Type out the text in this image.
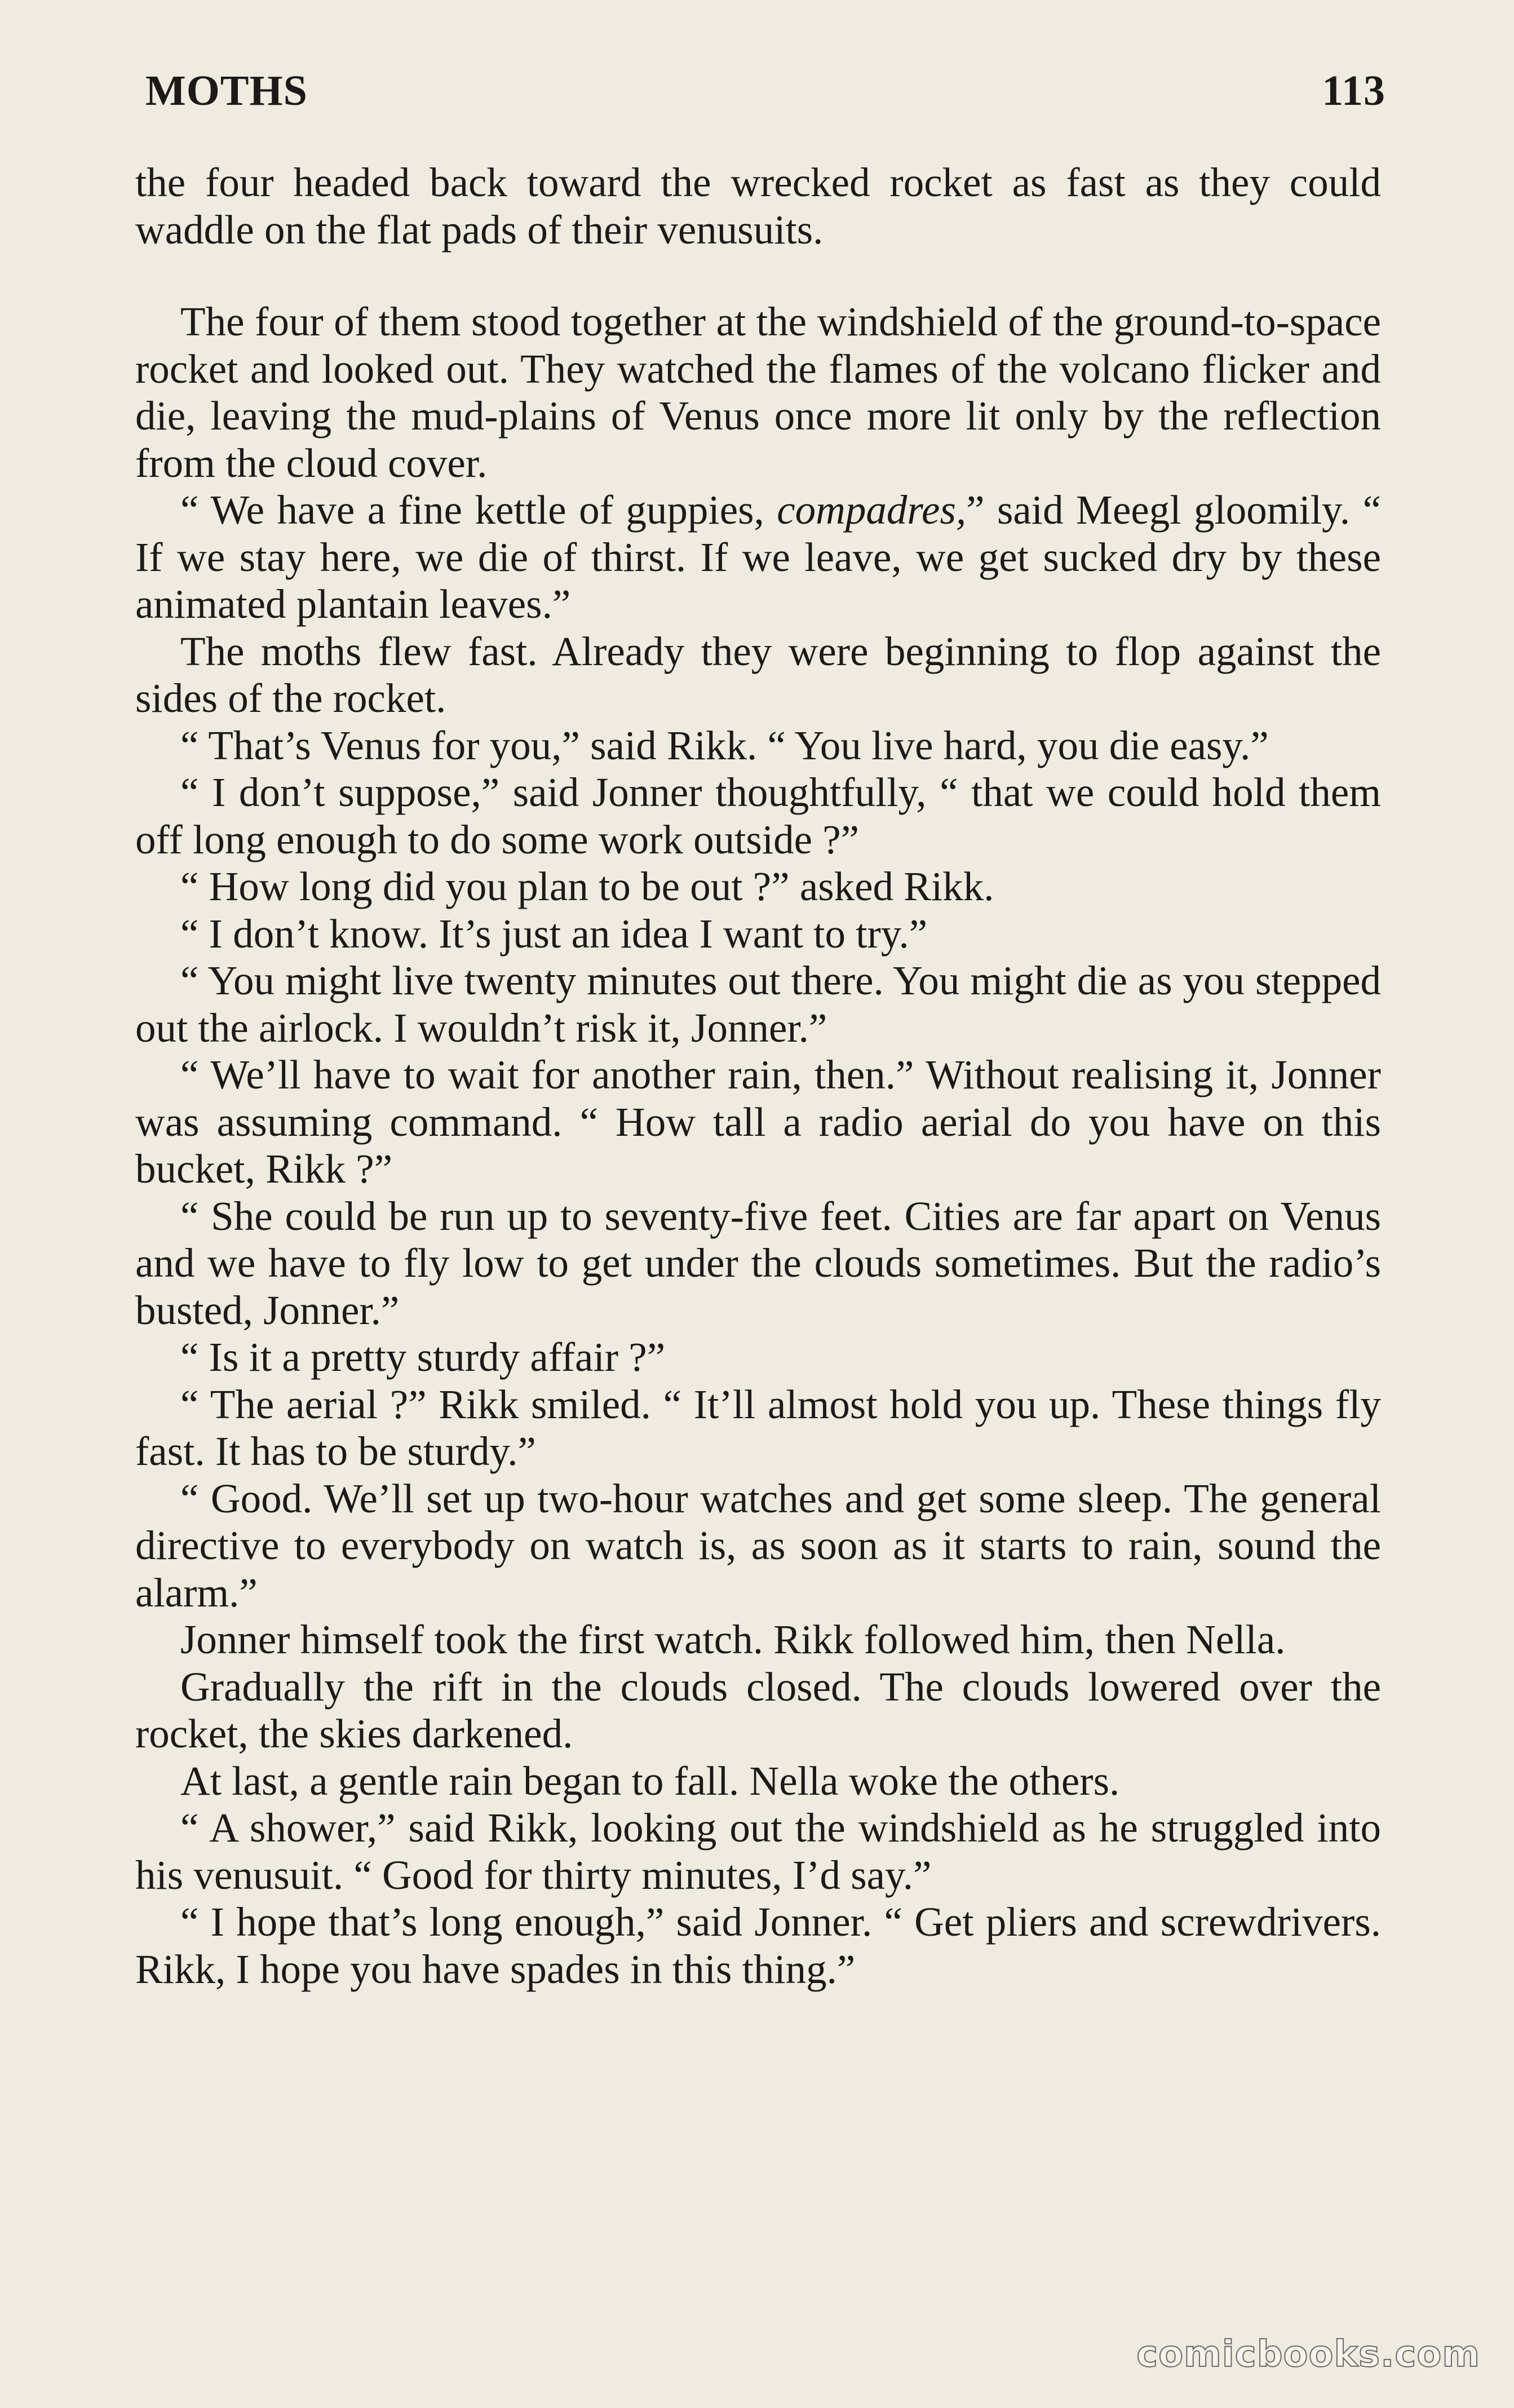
MOTHS	113

the four headed back toward the wrecked rocket as fast as they could waddle on the flat pads of their venusuits.

The four of them stood together at the windshield of the ground-to-space rocket and looked out. They watched the flames of the volcano flicker and die, leaving the mud-plains of Venus once more lit only by the reflection from the cloud cover.

“ We have a fine kettle of guppies, compadres,” said Meegl gloomily. “ If we stay here, we die of thirst. If we leave, we get sucked dry by these animated plantain leaves.”

The moths flew fast. Already they were beginning to flop against the sides of the rocket.

“ That’s Venus for you,” said Rikk. “ You live hard, you die easy.”

“ I don’t suppose,” said Jonner thoughtfully, “ that we could hold them off long enough to do some work outside ?”

“ How long did you plan to be out ?” asked Rikk.

“ I don’t know. It’s just an idea I want to try.”

“ You might live twenty minutes out there. You might die as you stepped out the airlock. I wouldn’t risk it, Jonner.”

“ We’ll have to wait for another rain, then.” Without realising it, Jonner was assuming command. “ How tall a radio aerial do you have on this bucket, Rikk ?”

“ She could be run up to seventy-five feet. Cities are far apart on Venus and we have to fly low to get under the clouds sometimes. But the radio’s busted, Jonner.”

“ Is it a pretty sturdy affair ?”

“ The aerial ?” Rikk smiled. “ It’ll almost hold you up. These things fly fast. It has to be sturdy.”

“ Good. We’ll set up two-hour watches and get some sleep. The general directive to everybody on watch is, as soon as it starts to rain, sound the alarm.”

Jonner himself took the first watch. Rikk followed him, then Nella.

Gradually the rift in the clouds closed. The clouds lowered over the rocket, the skies darkened.

At last, a gentle rain began to fall. Nella woke the others.

“ A shower,” said Rikk, looking out the windshield as he struggled into his venusuit. “ Good for thirty minutes, I’d say.”

“ I hope that’s long enough,” said Jonner. “ Get pliers and screwdrivers. Rikk, I hope you have spades in this thing.”

comicbooks.com
